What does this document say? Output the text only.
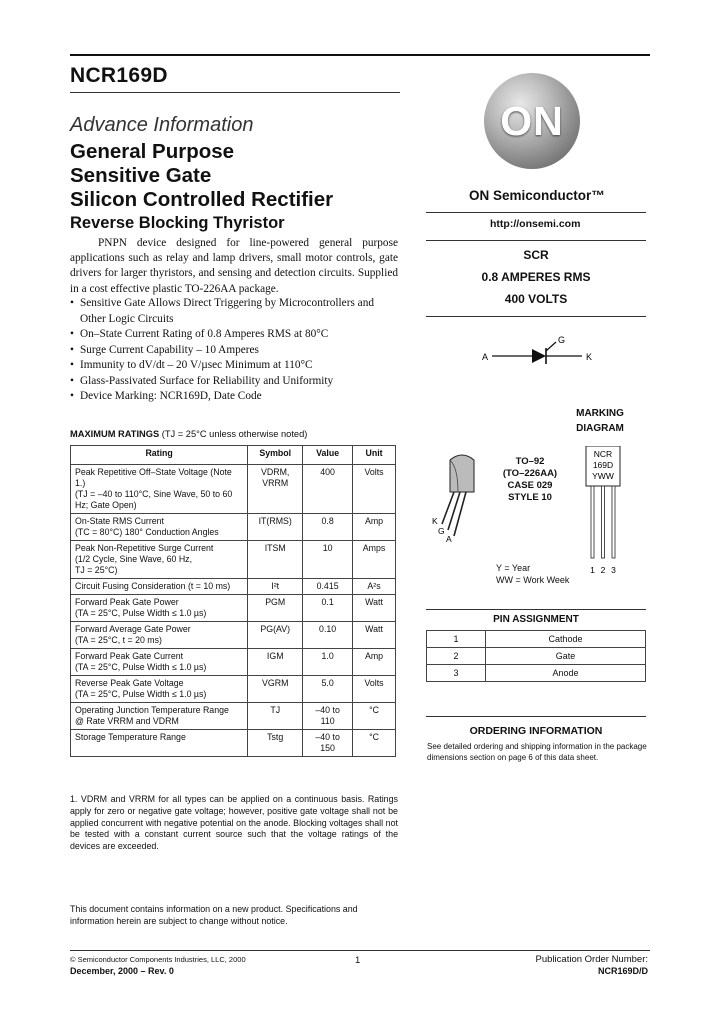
NCR169D
Advance Information
General Purpose
Sensitive Gate
Silicon Controlled Rectifier
Reverse Blocking Thyristor

PNPN device designed for line-powered general purpose applications such as relay and lamp drivers, small motor controls, gate drivers for larger thyristors, and sensing and detection circuits. Supplied in a cost effective plastic TO-226AA package.

• Sensitive Gate Allows Direct Triggering by Microcontrollers and Other Logic Circuits
• On–State Current Rating of 0.8 Amperes RMS at 80°C
• Surge Current Capability – 10 Amperes
• Immunity to dV/dt – 20 V/µsec Minimum at 110°C
• Glass-Passivated Surface for Reliability and Uniformity
• Device Marking: NCR169D, Date Code
MAXIMUM RATINGS (TJ = 25°C unless otherwise noted)
Rating	Symbol	Value	Unit
Peak Repetitive Off–State Voltage (Note 1.)
(TJ = –40 to 110°C, Sine Wave, 50 to 60 Hz; Gate Open)	VDRM,
VRRM	400	Volts
On-State RMS Current
(TC = 80°C) 180° Conduction Angles	IT(RMS)	0.8	Amp
Peak Non-Repetitive Surge Current
(1/2 Cycle, Sine Wave, 60 Hz,
TJ = 25°C)	ITSM	10	Amps
Circuit Fusing Consideration (t = 10 ms)	I²t	0.415	A²s
Forward Peak Gate Power
(TA = 25°C, Pulse Width ≤ 1.0 µs)	PGM	0.1	Watt
Forward Average Gate Power
(TA = 25°C, t = 20 ms)	PG(AV)	0.10	Watt
Forward Peak Gate Current
(TA = 25°C, Pulse Width ≤ 1.0 µs)	IGM	1.0	Amp
Reverse Peak Gate Voltage
(TA = 25°C, Pulse Width ≤ 1.0 µs)	VGRM	5.0	Volts
Operating Junction Temperature Range
@ Rate VRRM and VDRM	TJ	–40 to
110	°C
Storage Temperature Range	Tstg	–40 to
150	°C

1. VDRM and VRRM for all types can be applied on a continuous basis. Ratings apply for zero or negative gate voltage; however, positive gate voltage shall not be applied concurrent with negative potential on the anode. Blocking voltages shall not be tested with a constant current source such that the voltage ratings of the devices are exceeded.

This document contains information on a new product. Specifications and information herein are subject to change without notice.

© Semiconductor Components Industries, LLC, 2000
December, 2000 – Rev. 0
1	Publication Order Number:
NCR169D/D
ON
ON Semiconductor™
http://onsemi.com
SCR
0.8 AMPERES RMS
400 VOLTS
A
G
K
MARKING
DIAGRAM
K
G
A
TO–92
(TO–226AA)
CASE 029
STYLE 10
NCR
169D
YWW
1 2 3
Y = Year
WW = Work Week
PIN ASSIGNMENT
1	Cathode
2	Gate
3	Anode
ORDERING INFORMATION

See detailed ordering and shipping information in the package dimensions section on page 6 of this data sheet.
